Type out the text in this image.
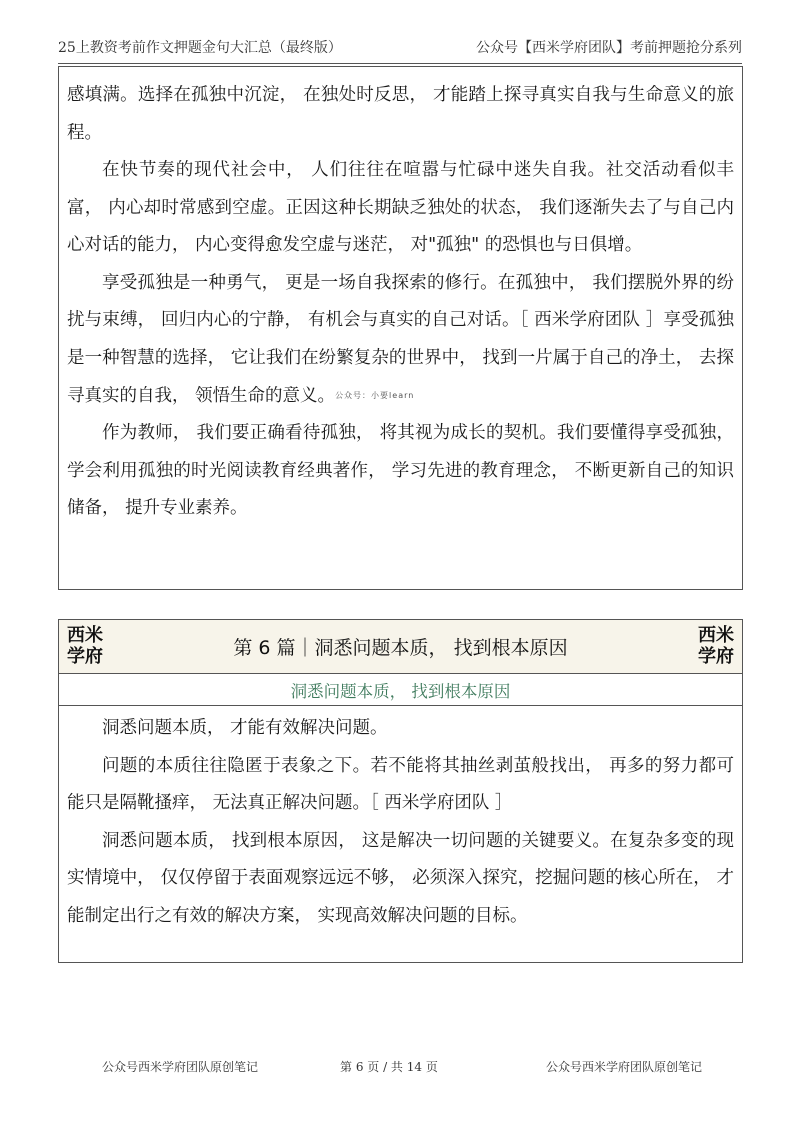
25上教资考前作文押题金句大汇总（最终版）	公众号【西米学府团队】考前押题抢分系列

感填满。选择在孤独中沉淀， 在独处时反思， 才能踏上探寻真实自我与生命意义的旅程。

在快节奏的现代社会中， 人们往往在喧嚣与忙碌中迷失自我。社交活动看似丰富， 内心却时常感到空虚。正因这种长期缺乏独处的状态， 我们逐渐失去了与自己内心对话的能力， 内心变得愈发空虚与迷茫， 对"孤独" 的恐惧也与日俱增。

享受孤独是一种勇气， 更是一场自我探索的修行。在孤独中， 我们摆脱外界的纷扰与束缚， 回归内心的宁静， 有机会与真实的自己对话。［ 西米学府团队 ］享受孤独是一种智慧的选择， 它让我们在纷繁复杂的世界中， 找到一片属于自己的净土， 去探寻真实的自我， 领悟生命的意义。公众号：小要learn

作为教师， 我们要正确看待孤独， 将其视为成长的契机。我们要懂得享受孤独， 学会利用孤独的时光阅读教育经典著作， 学习先进的教育理念， 不断更新自己的知识储备， 提升专业素养。

西米
学府	第 6 篇｜洞悉问题本质， 找到根本原因
西米
学府
洞悉问题本质， 找到根本原因

洞悉问题本质， 才能有效解决问题。

问题的本质往往隐匿于表象之下。若不能将其抽丝剥茧般找出， 再多的努力都可能只是隔靴搔痒， 无法真正解决问题。［ 西米学府团队 ］

洞悉问题本质， 找到根本原因， 这是解决一切问题的关键要义。在复杂多变的现实情境中， 仅仅停留于表面观察远远不够， 必须深入探究，挖掘问题的核心所在， 才能制定出行之有效的解决方案， 实现高效解决问题的目标。

公众号西米学府团队原创笔记	第 6 页 / 共 14 页	公众号西米学府团队原创笔记
